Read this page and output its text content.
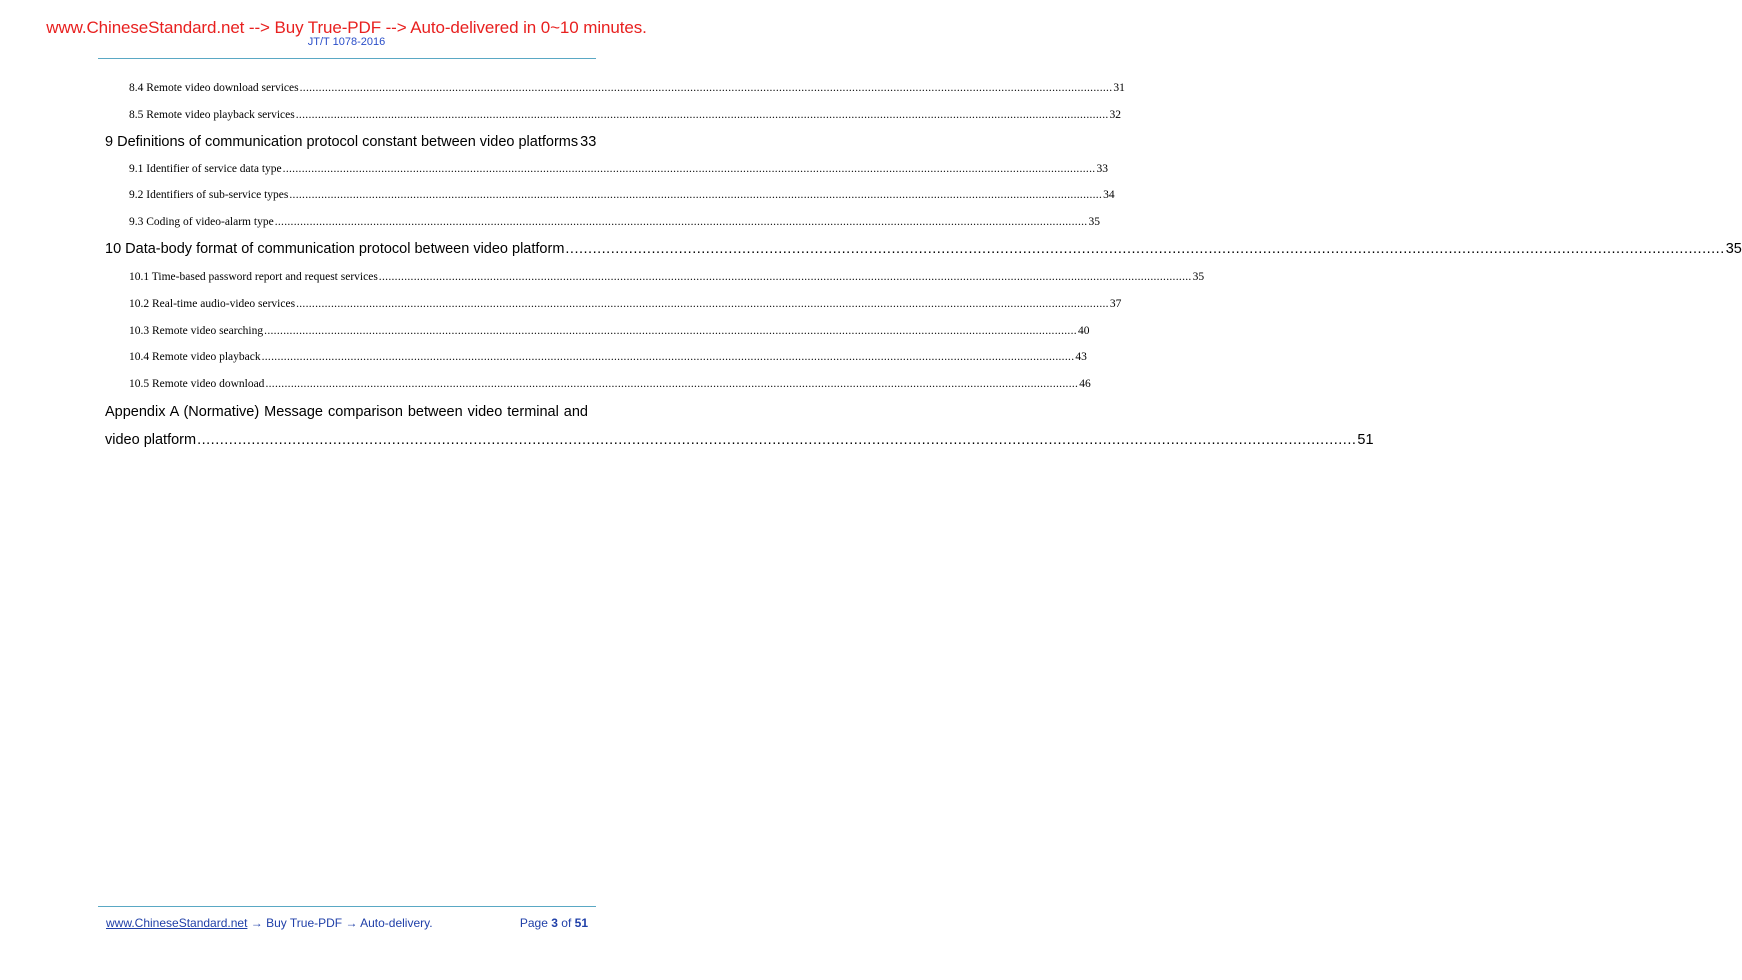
www.ChineseStandard.net --> Buy True-PDF --> Auto-delivered in 0~10 minutes.
JT/T 1078-2016
8.4 Remote video download services .....	31
8.5 Remote video playback services .....	32
9 Definitions of communication protocol constant between video platforms 33
9.1 Identifier of service data type .....	33
9.2 Identifiers of sub-service types .....	34
9.3 Coding of video-alarm type .....	35
10 Data-body format of communication protocol between video platform .....	35
10.1 Time-based password report and request services .....	35
10.2 Real-time audio-video services .....	37
10.3 Remote video searching .....	40
10.4 Remote video playback .....	43
10.5 Remote video download .....	46
Appendix A (Normative) Message comparison between video terminal and
video platform .....	51
www.ChineseStandard.net → Buy True-PDF → Auto-delivery.	Page 3 of 51
